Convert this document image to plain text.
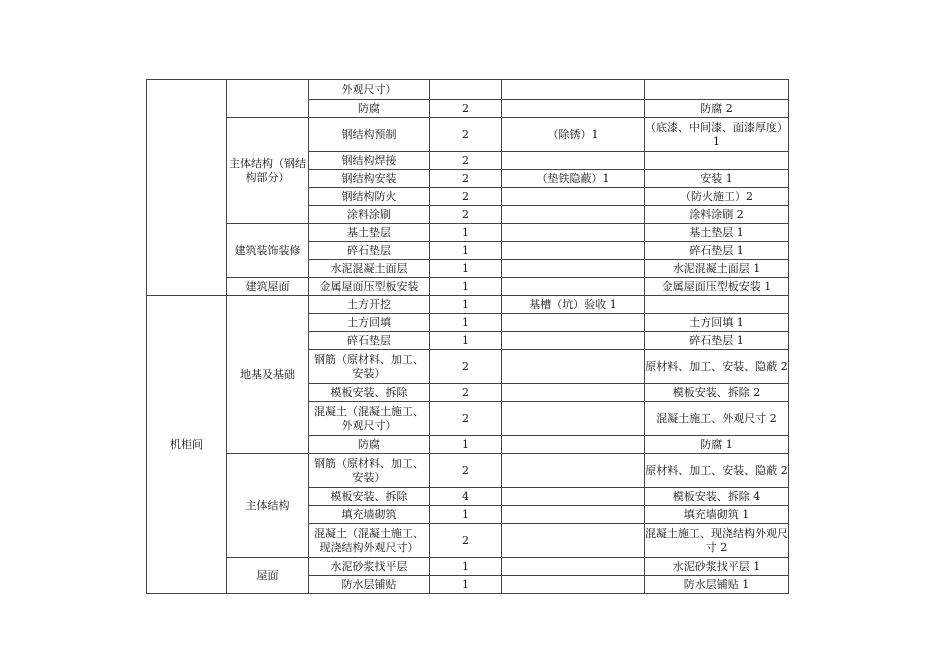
		外观尺寸）			
		防腐	2		防腐 2
	主体结构（钢结构部分）	钢结构预制	2	（除锈）1	（底漆、中间漆、面漆厚度）1
		钢结构焊接	2		
		钢结构安装	2	（垫铁隐蔽）1	安装 1
		钢结构防火	2		（防火施工）2
		涂料涂刷	2		涂料涂刷 2
	建筑装饰装修	基土垫层	1		基土垫层 1
		碎石垫层	1		碎石垫层 1
		水泥混凝土面层	1		水泥混凝土面层 1
	建筑屋面	金属屋面压型板安装	1		金属屋面压型板安装 1
机柜间	地基及基础	土方开挖	1	基槽（坑）验收 1	
		土方回填	1		土方回填 1
		碎石垫层	1		碎石垫层 1
		钢筋（原材料、加工、安装）	2		原材料、加工、安装、隐蔽 2
		模板安装、拆除	2		模板安装、拆除 2
		混凝土（混凝土施工、外观尺寸）	2		混凝土施工、外观尺寸 2
		防腐	1		防腐 1
	主体结构	钢筋（原材料、加工、安装）	2		原材料、加工、安装、隐蔽 2
		模板安装、拆除	4		模板安装、拆除 4
		填充墙砌筑	1		填充墙砌筑 1
		混凝土（混凝土施工、现浇结构外观尺寸）	2		混凝土施工、现浇结构外观尺寸 2
	屋面	水泥砂浆找平层	1		水泥砂浆找平层 1
		防水层铺贴	1		防水层铺贴 1
